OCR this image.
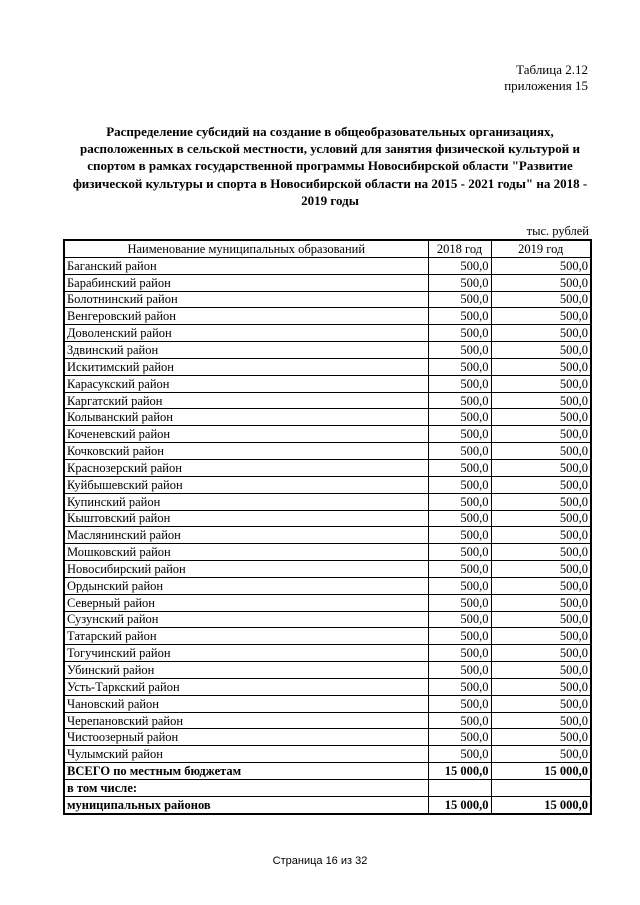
Таблица 2.12
приложения 15
Распределение субсидий на создание в общеобразовательных организациях, расположенных в сельской местности, условий для занятия физической культурой и спортом в рамках государственной программы Новосибирской области "Развитие физической культуры и спорта в Новосибирской области на 2015 - 2021 годы" на 2018 - 2019 годы
тыс. рублей
Наименование муниципальных образований	2018 год	2019 год
Баганский район	500,0	500,0
Барабинский район	500,0	500,0
Болотнинский район	500,0	500,0
Венгеровский район	500,0	500,0
Доволенский район	500,0	500,0
Здвинский район	500,0	500,0
Искитимский район	500,0	500,0
Карасукский район	500,0	500,0
Каргатский район	500,0	500,0
Колыванский район	500,0	500,0
Коченевский район	500,0	500,0
Кочковский район	500,0	500,0
Краснозерский район	500,0	500,0
Куйбышевский район	500,0	500,0
Купинский район	500,0	500,0
Кыштовский район	500,0	500,0
Маслянинский район	500,0	500,0
Мошковский район	500,0	500,0
Новосибирский район	500,0	500,0
Ордынский район	500,0	500,0
Северный район	500,0	500,0
Сузунский район	500,0	500,0
Татарский район	500,0	500,0
Тогучинский район	500,0	500,0
Убинский район	500,0	500,0
Усть-Таркский район	500,0	500,0
Чановский район	500,0	500,0
Черепановский район	500,0	500,0
Чистоозерный район	500,0	500,0
Чулымский район	500,0	500,0
ВСЕГО по местным бюджетам	15 000,0	15 000,0
в том числе:		
муниципальных районов	15 000,0	15 000,0
Страница 16 из 32
